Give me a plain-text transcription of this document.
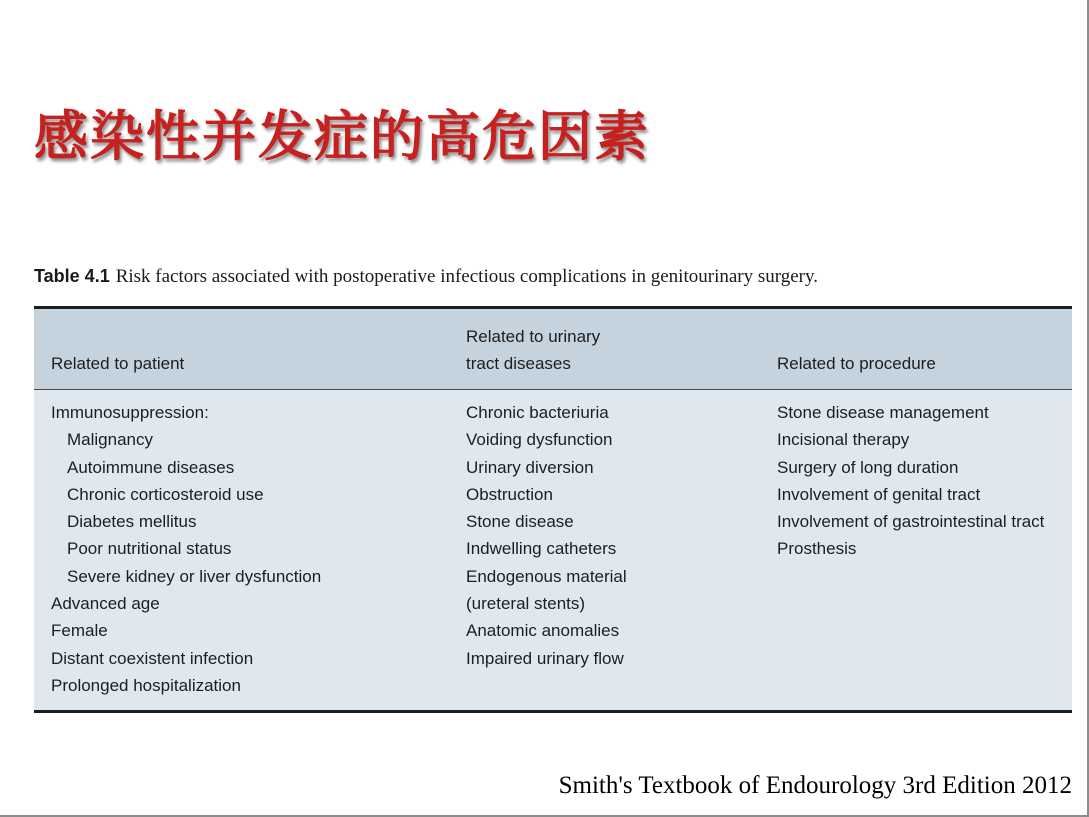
感染性并发症的高危因素
Table 4.1 Risk factors associated with postoperative infectious complications in genitourinary surgery.
Related to patient
Related to urinary
tract diseases	Related to procedure
Immunosuppression:
Malignancy
Autoimmune diseases
Chronic corticosteroid use
Diabetes mellitus
Poor nutritional status
Severe kidney or liver dysfunction
Advanced age
Female
Distant coexistent infection
Prolonged hospitalization
Chronic bacteriuria
Voiding dysfunction
Urinary diversion
Obstruction
Stone disease
Indwelling catheters
Endogenous material
(ureteral stents)
Anatomic anomalies
Impaired urinary flow
Stone disease management
Incisional therapy
Surgery of long duration
Involvement of genital tract
Involvement of gastrointestinal tract
Prosthesis
Smith's Textbook of Endourology 3rd Edition 2012
